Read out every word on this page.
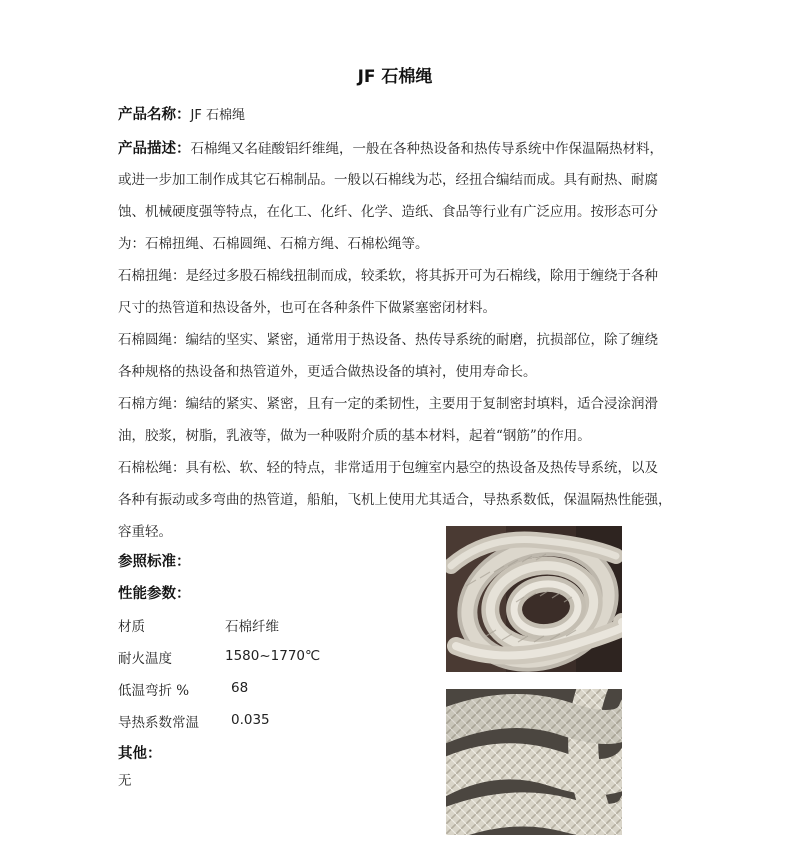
JF 石棉绳
产品名称：JF 石棉绳
产品描述：石棉绳又名硅酸铝纤维绳，一般在各种热设备和热传导系统中作保温隔热材料，
或进一步加工制作成其它石棉制品。一般以石棉线为芯，经扭合编结而成。具有耐热、耐腐
蚀、机械硬度强等特点，在化工、化纤、化学、造纸、食品等行业有广泛应用。按形态可分
为：石棉扭绳、石棉圆绳、石棉方绳、石棉松绳等。
石棉扭绳：是经过多股石棉线扭制而成，较柔软，将其拆开可为石棉线，除用于缠绕于各种
尺寸的热管道和热设备外，也可在各种条件下做紧塞密闭材料。
石棉圆绳：编结的坚实、紧密，通常用于热设备、热传导系统的耐磨，抗损部位，除了缠绕
各种规格的热设备和热管道外，更适合做热设备的填衬，使用寿命长。
石棉方绳：编结的紧实、紧密，且有一定的柔韧性，主要用于复制密封填料，适合浸涂润滑
油，胶浆，树脂，乳液等，做为一种吸附介质的基本材料，起着“钢筋”的作用。
石棉松绳：具有松、软、轻的特点，非常适用于包缠室内悬空的热设备及热传导系统，以及
各种有振动或多弯曲的热管道，船舶，飞机上使用尤其适合，导热系数低，保温隔热性能强，
容重轻。
参照标准：
性能参数：
材质	石棉纤维
耐火温度	1580~1770℃
低温弯折 %	68
导热系数常温 0.035
其他：
无
